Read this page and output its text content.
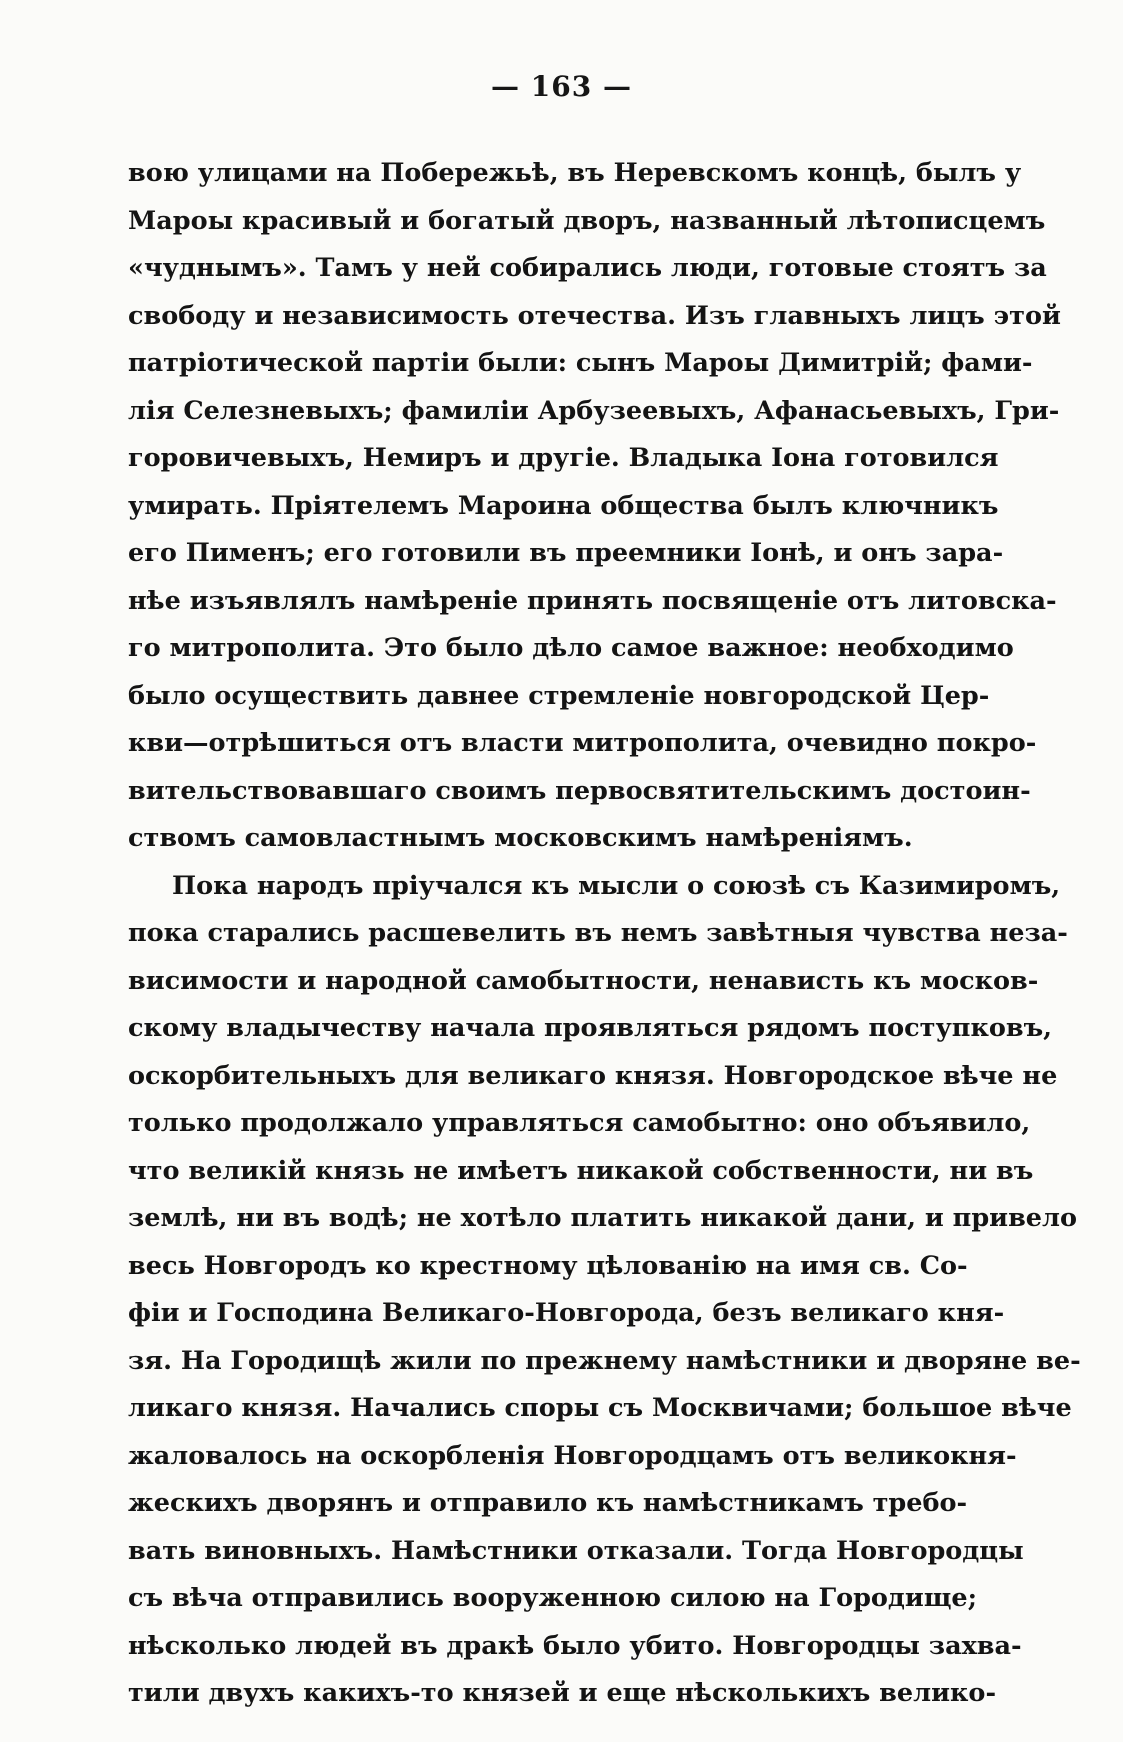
— 163 —
вою улицами на Побережьѣ, въ Неревскомъ концѣ, былъ у
Мароы красивый и богатый дворъ, названный лѣтописцемъ
«чуднымъ». Тамъ у ней собирались люди, готовые стоятъ за
свободу и независимость отечества. Изъ главныхъ лицъ этой
патріотической партіи были: сынъ Мароы Димитрій; фами-
лія Селезневыхъ; фамиліи Арбузеевыхъ, Афанасьевыхъ, Гри-
горовичевыхъ, Немиръ и другіе. Владыка Іона готовился
умирать. Пріятелемъ Мароина общества былъ ключникъ
его Пименъ; его готовили въ преемники Іонѣ, и онъ зара-
нѣе изъявлялъ намѣреніе принять посвященіе отъ литовска-
го митрополита. Это было дѣло самое важное: необходимо
было осуществить давнее стремленіе новгородской Цер-
кви—отрѣшиться отъ власти митрополита, очевидно покро-
вительствовавшаго своимъ первосвятительскимъ достоин-
ствомъ самовластнымъ московскимъ намѣреніямъ.
Пока народъ пріучался къ мысли о союзѣ съ Казимиромъ,
пока старались расшевелить въ немъ завѣтныя чувства неза-
висимости и народной самобытности, ненависть къ москов-
скому владычеству начала проявляться рядомъ поступковъ,
оскорбительныхъ для великаго князя. Новгородское вѣче не
только продолжало управляться самобытно: оно объявило,
что великій князь не имѣетъ никакой собственности, ни въ
землѣ, ни въ водѣ; не хотѣло платить никакой дани, и привело
весь Новгородъ ко крестному цѣлованію на имя св. Со-
фіи и Господина Великаго-Новгорода, безъ великаго кня-
зя. На Городищѣ жили по прежнему намѣстники и дворяне ве-
ликаго князя. Начались споры съ Москвичами; большое вѣче
жаловалось на оскорбленія Новгородцамъ отъ великокня-
жескихъ дворянъ и отправило къ намѣстникамъ требо-
вать виновныхъ. Намѣстники отказали. Тогда Новгородцы
съ вѣча отправились вооруженною силою на Городище;
нѣсколько людей въ дракѣ было убито. Новгородцы захва-
тили двухъ какихъ-то князей и еще нѣсколькихъ велико-
